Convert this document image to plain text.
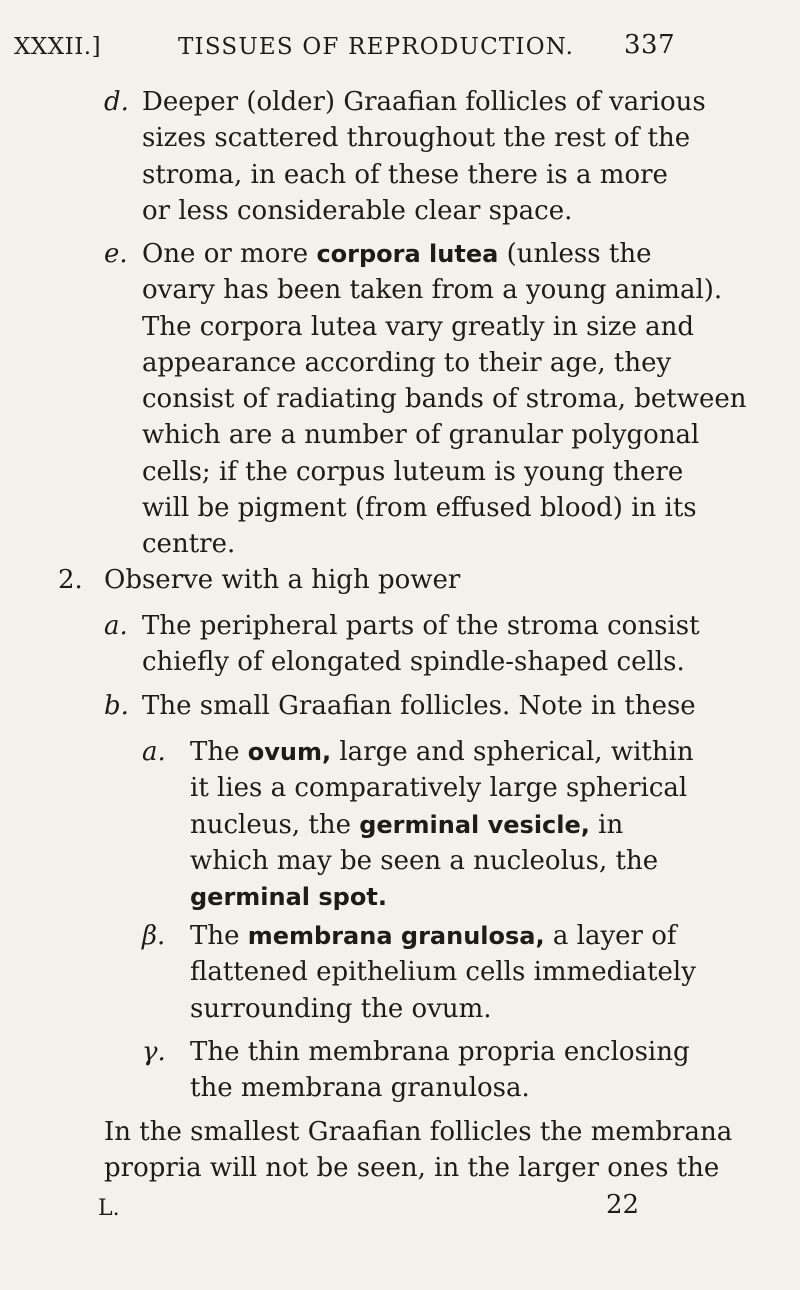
XXXII.]	TISSUES OF REPRODUCTION. 337
d. Deeper (older) Graafian follicles of various
sizes scattered throughout the rest of the
stroma, in each of these there is a more
or less considerable clear space.
e. One or more corpora lutea (unless the
ovary has been taken from a young animal).
The corpora lutea vary greatly in size and
appearance according to their age, they
consist of radiating bands of stroma, between
which are a number of granular polygonal
cells; if the corpus luteum is young there
will be pigment (from effused blood) in its
centre.
2. Observe with a high power
a. The peripheral parts of the stroma consist
chiefly of elongated spindle-shaped cells.
b. The small Graafian follicles. Note in these
a. The ovum, large and spherical, within
it lies a comparatively large spherical
nucleus, the germinal vesicle, in
which may be seen a nucleolus, the
germinal spot.
β. The membrana granulosa, a layer of
flattened epithelium cells immediately
surrounding the ovum.
γ. The thin membrana propria enclosing
the membrana granulosa.
In the smallest Graafian follicles the membrana
propria will not be seen, in the larger ones the
L.	22
